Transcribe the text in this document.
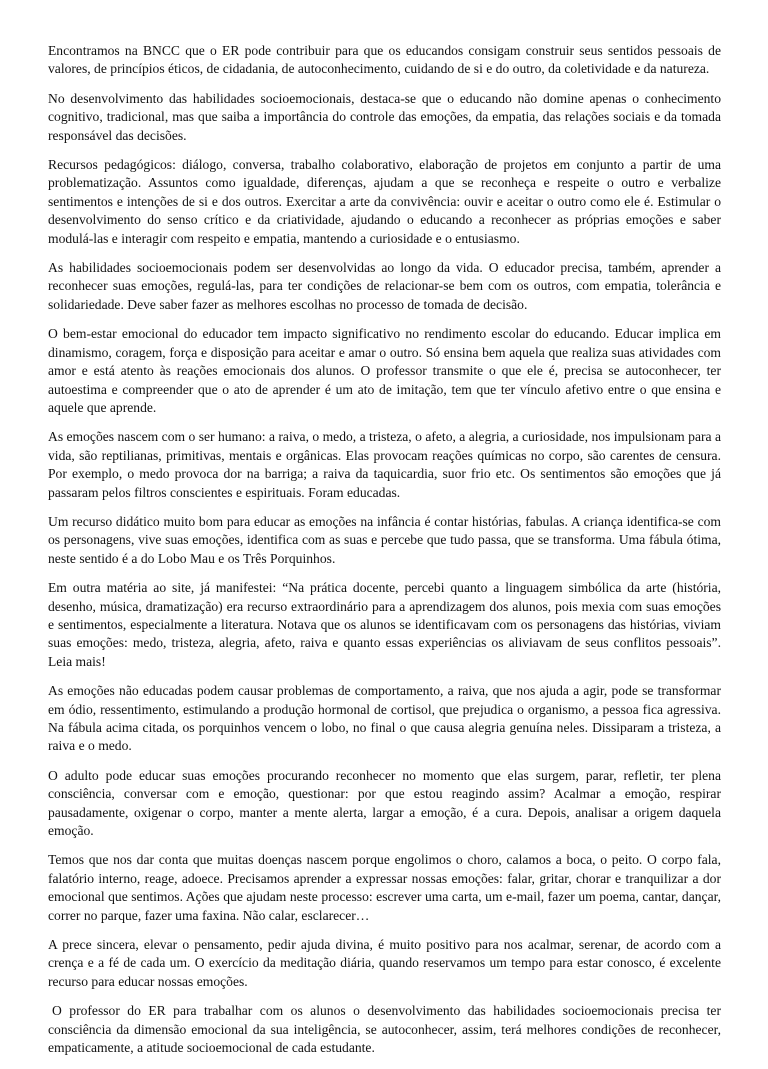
Encontramos na BNCC que o ER pode contribuir para que os educandos consigam construir seus sentidos pessoais de valores, de princípios éticos, de cidadania, de autoconhecimento, cuidando de si e do outro, da coletividade e da natureza.

No desenvolvimento das habilidades socioemocionais, destaca-se que o educando não domine apenas o conhecimento cognitivo, tradicional, mas que saiba a importância do controle das emoções, da empatia, das relações sociais e da tomada responsável das decisões.

Recursos pedagógicos: diálogo, conversa, trabalho colaborativo, elaboração de projetos em conjunto a partir de uma problematização. Assuntos como igualdade, diferenças, ajudam a que se reconheça e respeite o outro e verbalize sentimentos e intenções de si e dos outros. Exercitar a arte da convivência: ouvir e aceitar o outro como ele é. Estimular o desenvolvimento do senso crítico e da criatividade, ajudando o educando a reconhecer as próprias emoções e saber modulá-las e interagir com respeito e empatia, mantendo a curiosidade e o entusiasmo.

As habilidades socioemocionais podem ser desenvolvidas ao longo da vida. O educador precisa, também, aprender a reconhecer suas emoções, regulá-las, para ter condições de relacionar-se bem com os outros, com empatia, tolerância e solidariedade. Deve saber fazer as melhores escolhas no processo de tomada de decisão.

O bem-estar emocional do educador tem impacto significativo no rendimento escolar do educando. Educar implica em dinamismo, coragem, força e disposição para aceitar e amar o outro. Só ensina bem aquela que realiza suas atividades com amor e está atento às reações emocionais dos alunos. O professor transmite o que ele é, precisa se autoconhecer, ter autoestima e compreender que o ato de aprender é um ato de imitação, tem que ter vínculo afetivo entre o que ensina e aquele que aprende.

As emoções nascem com o ser humano: a raiva, o medo, a tristeza, o afeto, a alegria, a curiosidade, nos impulsionam para a vida, são reptilianas, primitivas, mentais e orgânicas. Elas provocam reações químicas no corpo, são carentes de censura. Por exemplo, o medo provoca dor na barriga; a raiva da taquicardia, suor frio etc. Os sentimentos são emoções que já passaram pelos filtros conscientes e espirituais. Foram educadas.

Um recurso didático muito bom para educar as emoções na infância é contar histórias, fabulas. A criança identifica-se com os personagens, vive suas emoções, identifica com as suas e percebe que tudo passa, que se transforma. Uma fábula ótima, neste sentido é a do Lobo Mau e os Três Porquinhos.

Em outra matéria ao site, já manifestei: “Na prática docente, percebi quanto a linguagem simbólica da arte (história, desenho, música, dramatização) era recurso extraordinário para a aprendizagem dos alunos, pois mexia com suas emoções e sentimentos, especialmente a literatura. Notava que os alunos se identificavam com os personagens das histórias, viviam suas emoções: medo, tristeza, alegria, afeto, raiva e quanto essas experiências os aliviavam de seus conflitos pessoais”. Leia mais!

As emoções não educadas podem causar problemas de comportamento, a raiva, que nos ajuda a agir, pode se transformar em ódio, ressentimento, estimulando a produção hormonal de cortisol, que prejudica o organismo, a pessoa fica agressiva. Na fábula acima citada, os porquinhos vencem o lobo, no final o que causa alegria genuína neles. Dissiparam a tristeza, a raiva e o medo.

O adulto pode educar suas emoções procurando reconhecer no momento que elas surgem, parar, refletir, ter plena consciência, conversar com e emoção, questionar: por que estou reagindo assim? Acalmar a emoção, respirar pausadamente, oxigenar o corpo, manter a mente alerta, largar a emoção, é a cura. Depois, analisar a origem daquela emoção.

Temos que nos dar conta que muitas doenças nascem porque engolimos o choro, calamos a boca, o peito. O corpo fala, falatório interno, reage, adoece. Precisamos aprender a expressar nossas emoções: falar, gritar, chorar e tranquilizar a dor emocional que sentimos. Ações que ajudam neste processo: escrever uma carta, um e-mail, fazer um poema, cantar, dançar, correr no parque, fazer uma faxina. Não calar, esclarecer…

A prece sincera, elevar o pensamento, pedir ajuda divina, é muito positivo para nos acalmar, serenar, de acordo com a crença e a fé de cada um. O exercício da meditação diária, quando reservamos um tempo para estar conosco, é excelente recurso para educar nossas emoções.

O professor do ER para trabalhar com os alunos o desenvolvimento das habilidades socioemocionais precisa ter consciência da dimensão emocional da sua inteligência, se autoconhecer, assim, terá melhores condições de reconhecer, empaticamente, a atitude socioemocional de cada estudante.
